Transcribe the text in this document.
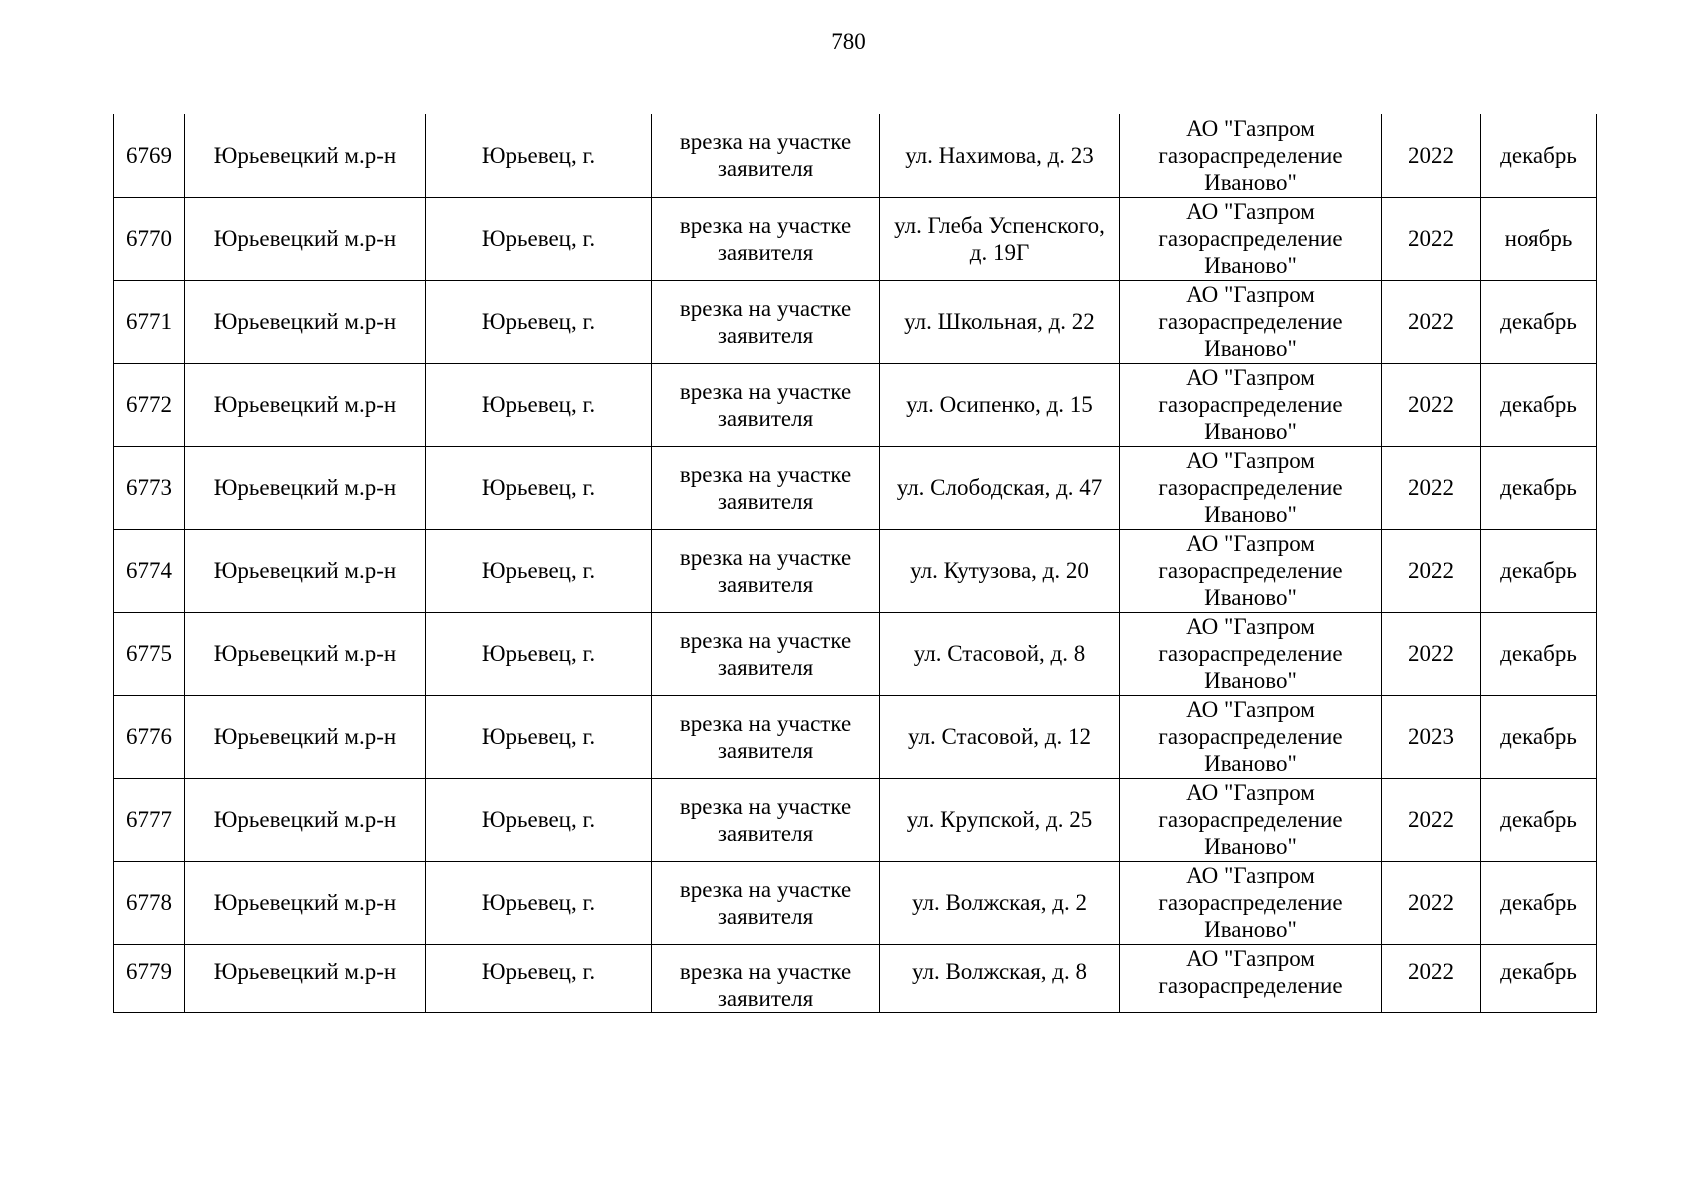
780
6769	Юрьевецкий м.р-н	Юрьевец, г.	врезка на участке заявителя	ул. Нахимова, д. 23	АО "Газпром газораспределение Иваново"	2022	декабрь

6770	Юрьевецкий м.р-н	Юрьевец, г.	врезка на участке заявителя	ул. Глеба Успенского, д. 19Г	АО "Газпром газораспределение Иваново"	2022	ноябрь

6771	Юрьевецкий м.р-н	Юрьевец, г.	врезка на участке заявителя	ул. Школьная, д. 22	АО "Газпром газораспределение Иваново"	2022	декабрь

6772	Юрьевецкий м.р-н	Юрьевец, г.	врезка на участке заявителя	ул. Осипенко, д. 15	АО "Газпром газораспределение Иваново"	2022	декабрь

6773	Юрьевецкий м.р-н	Юрьевец, г.	врезка на участке заявителя	ул. Слободская, д. 47	АО "Газпром газораспределение Иваново"	2022	декабрь

6774	Юрьевецкий м.р-н	Юрьевец, г.	врезка на участке заявителя	ул. Кутузова, д. 20	АО "Газпром газораспределение Иваново"	2022	декабрь

6775	Юрьевецкий м.р-н	Юрьевец, г.	врезка на участке заявителя	ул. Стасовой, д. 8	АО "Газпром газораспределение Иваново"	2022	декабрь

6776	Юрьевецкий м.р-н	Юрьевец, г.	врезка на участке заявителя	ул. Стасовой, д. 12	АО "Газпром газораспределение Иваново"	2023	декабрь

6777	Юрьевецкий м.р-н	Юрьевец, г.	врезка на участке заявителя	ул. Крупской, д. 25	АО "Газпром газораспределение Иваново"	2022	декабрь

6778	Юрьевецкий м.р-н	Юрьевец, г.	врезка на участке заявителя	ул. Волжская, д. 2	АО "Газпром газораспределение Иваново"	2022	декабрь

6779	Юрьевецкий м.р-н	Юрьевец, г.	врезка на участке заявителя	ул. Волжская, д. 8	АО "Газпром газораспределение	2022	декабрь
